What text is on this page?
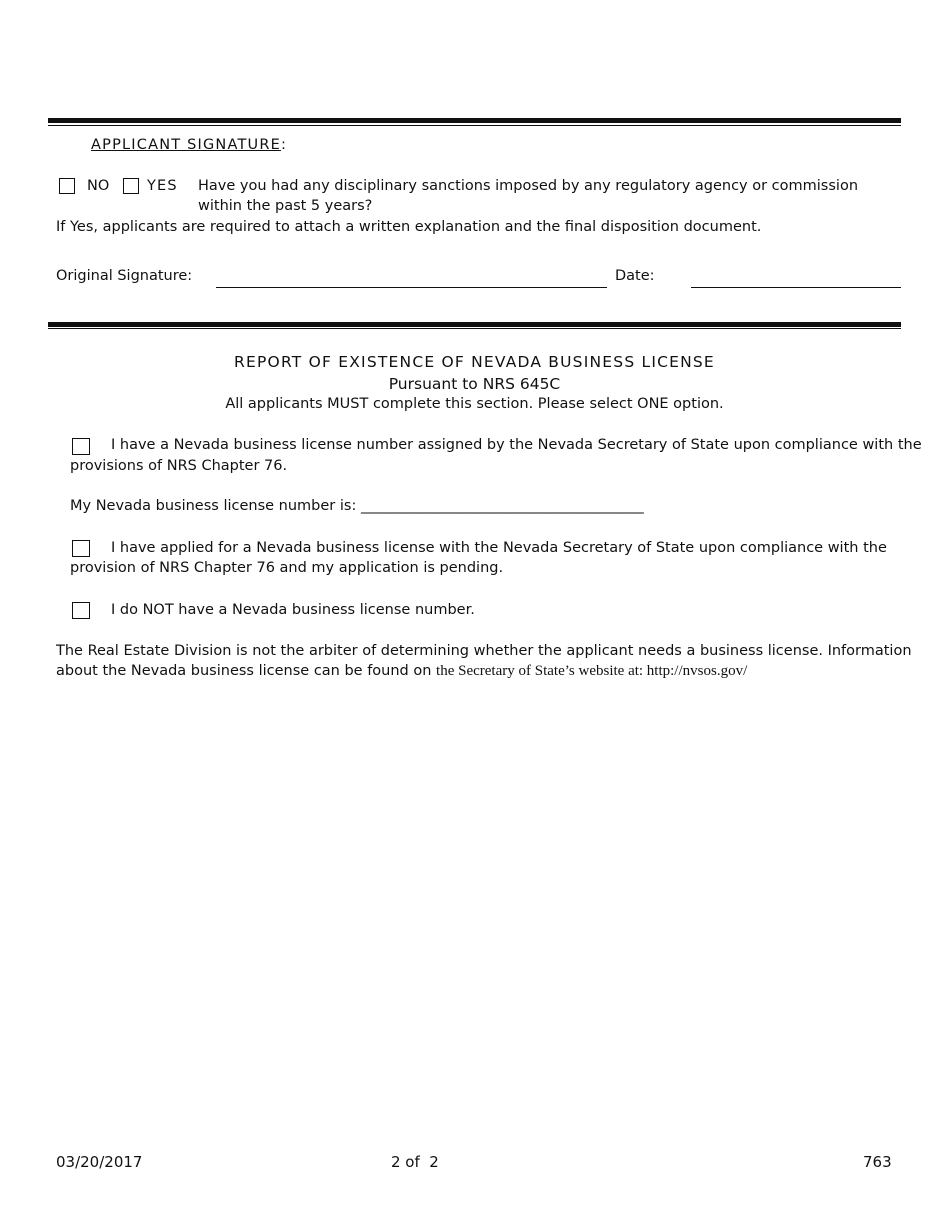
APPLICANT SIGNATURE:
NO	YES Have you had any disciplinary sanctions imposed by any regulatory agency or commission
within the past 5 years?
If Yes, applicants are required to attach a written explanation and the final disposition document.
Original Signature:	Date:
REPORT OF EXISTENCE OF NEVADA BUSINESS LICENSE
Pursuant to NRS 645C
All applicants MUST complete this section. Please select ONE option.
I have a Nevada business license number assigned by the Nevada Secretary of State upon compliance with the
provisions of NRS Chapter 76.
My Nevada business license number is: _______________________________________
I have applied for a Nevada business license with the Nevada Secretary of State upon compliance with the
provision of NRS Chapter 76 and my application is pending.
I do NOT have a Nevada business license number.
The Real Estate Division is not the arbiter of determining whether the applicant needs a business license. Information
about the Nevada business license can be found on the Secretary of State’s website at: http://nvsos.gov/
03/20/2017	2 of  2	763
